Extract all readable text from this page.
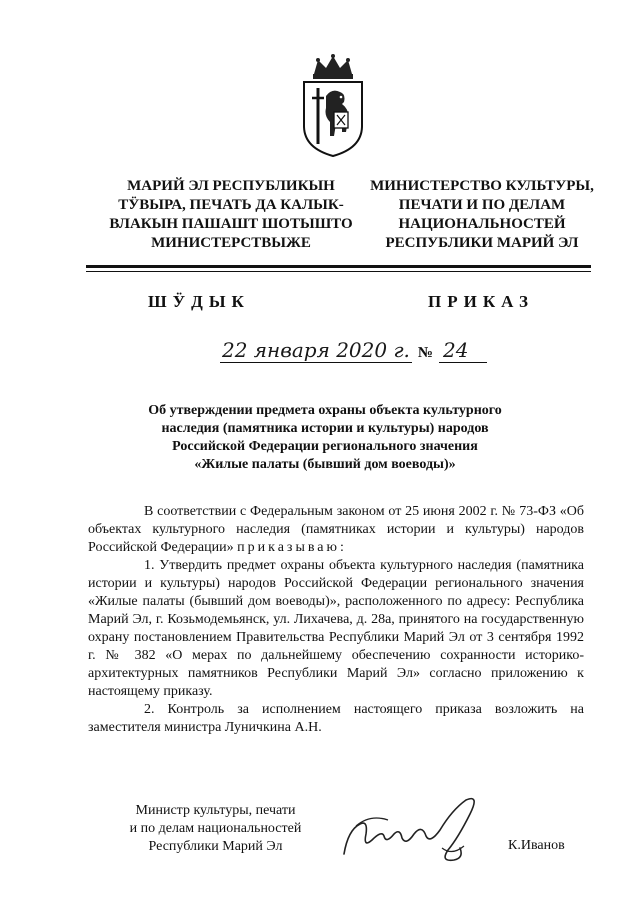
МАРИЙ ЭЛ РЕСПУБЛИКЫН
ТӰВЫРА, ПЕЧАТЬ ДА КАЛЫК-
ВЛАКЫН ПАШАШТ ШОТЫШТО
МИНИСТЕРСТВЫЖЕ
МИНИСТЕРСТВО КУЛЬТУРЫ,
ПЕЧАТИ И ПО ДЕЛАМ
НАЦИОНАЛЬНОСТЕЙ
РЕСПУБЛИКИ МАРИЙ ЭЛ
ШӰДЫК	ПРИКАЗ
22 января 2020 г. № 24
Об утверждении предмета охраны объекта культурного
наследия (памятника истории и культуры) народов
Российской Федерации регионального значения
«Жилые палаты (бывший дом воеводы)»

В соответствии с Федеральным законом от 25 июня 2002 г. № 73-ФЗ «Об объектах культурного наследия (памятниках истории и культуры) народов Российской Федерации» приказываю:

1. Утвердить предмет охраны объекта культурного наследия (памятника истории и культуры) народов Российской Федерации регионального значения «Жилые палаты (бывший дом воеводы)», расположенного по адресу: Республика Марий Эл, г. Козьмодемьянск, ул. Лихачева, д. 28а, принятого на государственную охрану постановлением Правительства Республики Марий Эл от 3 сентября 1992 г. № 382 «О мерах по дальнейшему обеспечению сохранности историко-архитектурных памятников Республики Марий Эл» согласно приложению к настоящему приказу.

2. Контроль за исполнением настоящего приказа возложить на заместителя министра Луничкина А.Н.

Министр культуры, печати
и по делам национальностей
Республики Марий Эл	К.Иванов
